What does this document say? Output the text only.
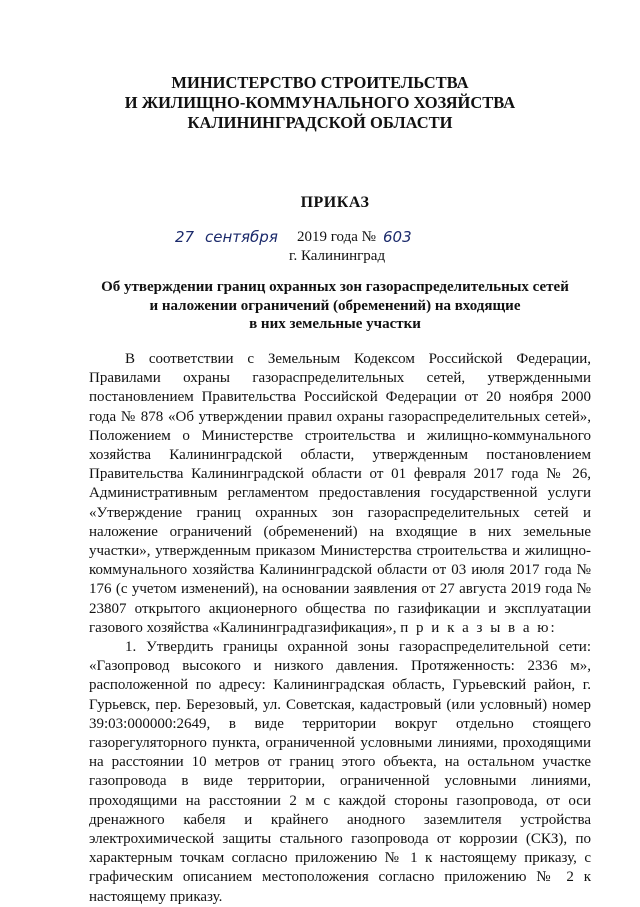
МИНИСТЕРСТВО СТРОИТЕЛЬСТВА
И ЖИЛИЩНО-КОММУНАЛЬНОГО ХОЗЯЙСТВА
КАЛИНИНГРАДСКОЙ ОБЛАСТИ
ПРИКАЗ
27 сентября 2019 года № 603
г. Калининград
Об утверждении границ охранных зон газораспределительных сетей
и наложении ограничений (обременений) на входящие
в них земельные участки

В соответствии с Земельным Кодексом Российской Федерации, Правилами охраны газораспределительных сетей, утвержденными постановлением Правительства Российской Федерации от 20 ноября 2000 года № 878 «Об утверждении правил охраны газораспределительных сетей», Положением о Министерстве строительства и жилищно-коммунального хозяйства Калининградской области, утвержденным постановлением Правительства Калининградской области от 01 февраля 2017 года № 26, Административным регламентом предоставления государственной услуги «Утверждение границ охранных зон газораспределительных сетей и наложение ограничений (обременений) на входящие в них земельные участки», утвержденным приказом Министерства строительства и жилищно-коммунального хозяйства Калининградской области от 03 июля 2017 года № 176 (с учетом изменений), на основании заявления от 27 августа 2019 года № 23807 открытого акционерного общества по газификации и эксплуатации газового хозяйства «Калининградгазификация», п р и к а з ы в а ю:

1. Утвердить границы охранной зоны газораспределительной сети: «Газопровод высокого и низкого давления. Протяженность: 2336 м», расположенной по адресу: Калининградская область, Гурьевский район, г. Гурьевск, пер. Березовый, ул. Советская, кадастровый (или условный) номер 39:03:000000:2649, в виде территории вокруг отдельно стоящего газорегуляторного пункта, ограниченной условными линиями, проходящими на расстоянии 10 метров от границ этого объекта, на остальном участке газопровода в виде территории, ограниченной условными линиями, проходящими на расстоянии 2 м с каждой стороны газопровода, от оси дренажного кабеля и крайнего анодного заземлителя устройства электрохимической защиты стального газопровода от коррозии (СКЗ), по характерным точкам согласно приложению № 1 к настоящему приказу, с графическим описанием местоположения согласно приложению № 2 к настоящему приказу.
